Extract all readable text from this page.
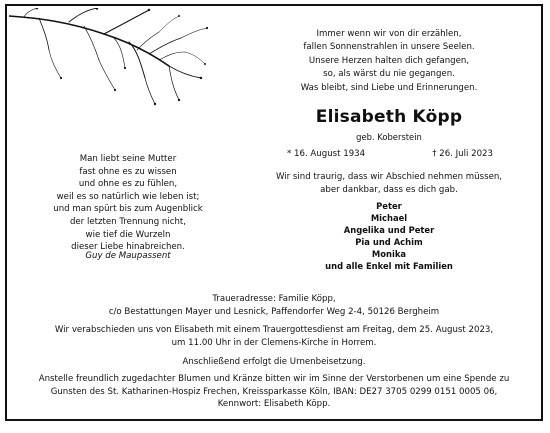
Immer wenn wir von dir erzählen,
fallen Sonnenstrahlen in unsere Seelen.
Unsere Herzen halten dich gefangen,
so, als wärst du nie gegangen.
Was bleibt, sind Liebe und Erinnerungen.
Elisabeth Köpp
geb. Koberstein
* 16. August 1934	† 26. Juli 2023
Wir sind traurig, dass wir Abschied nehmen müssen,
aber dankbar, dass es dich gab.
Peter
Michael
Angelika und Peter
Pia und Achim
Monika
und alle Enkel mit Familien
Man liebt seine Mutter
fast ohne es zu wissen
und ohne es zu fühlen,
weil es so natürlich wie leben ist;
und man spürt bis zum Augenblick
der letzten Trennung nicht,
wie tief die Wurzeln
dieser Liebe hinabreichen.
Guy de Maupassent
Traueradresse: Familie Köpp,
c/o Bestattungen Mayer und Lesnick, Paffendorfer Weg 2-4, 50126 Bergheim
Wir verabschieden uns von Elisabeth mit einem Trauergottesdienst am Freitag, dem 25. August 2023,
um 11.00 Uhr in der Clemens-Kirche in Horrem.
Anschließend erfolgt die Urnenbeisetzung.
Anstelle freundlich zugedachter Blumen und Kränze bitten wir im Sinne der Verstorbenen um eine Spende zu
Gunsten des St. Katharinen-Hospiz Frechen, Kreissparkasse Köln, IBAN: DE27 3705 0299 0151 0005 06,
Kennwort: Elisabeth Köpp.
